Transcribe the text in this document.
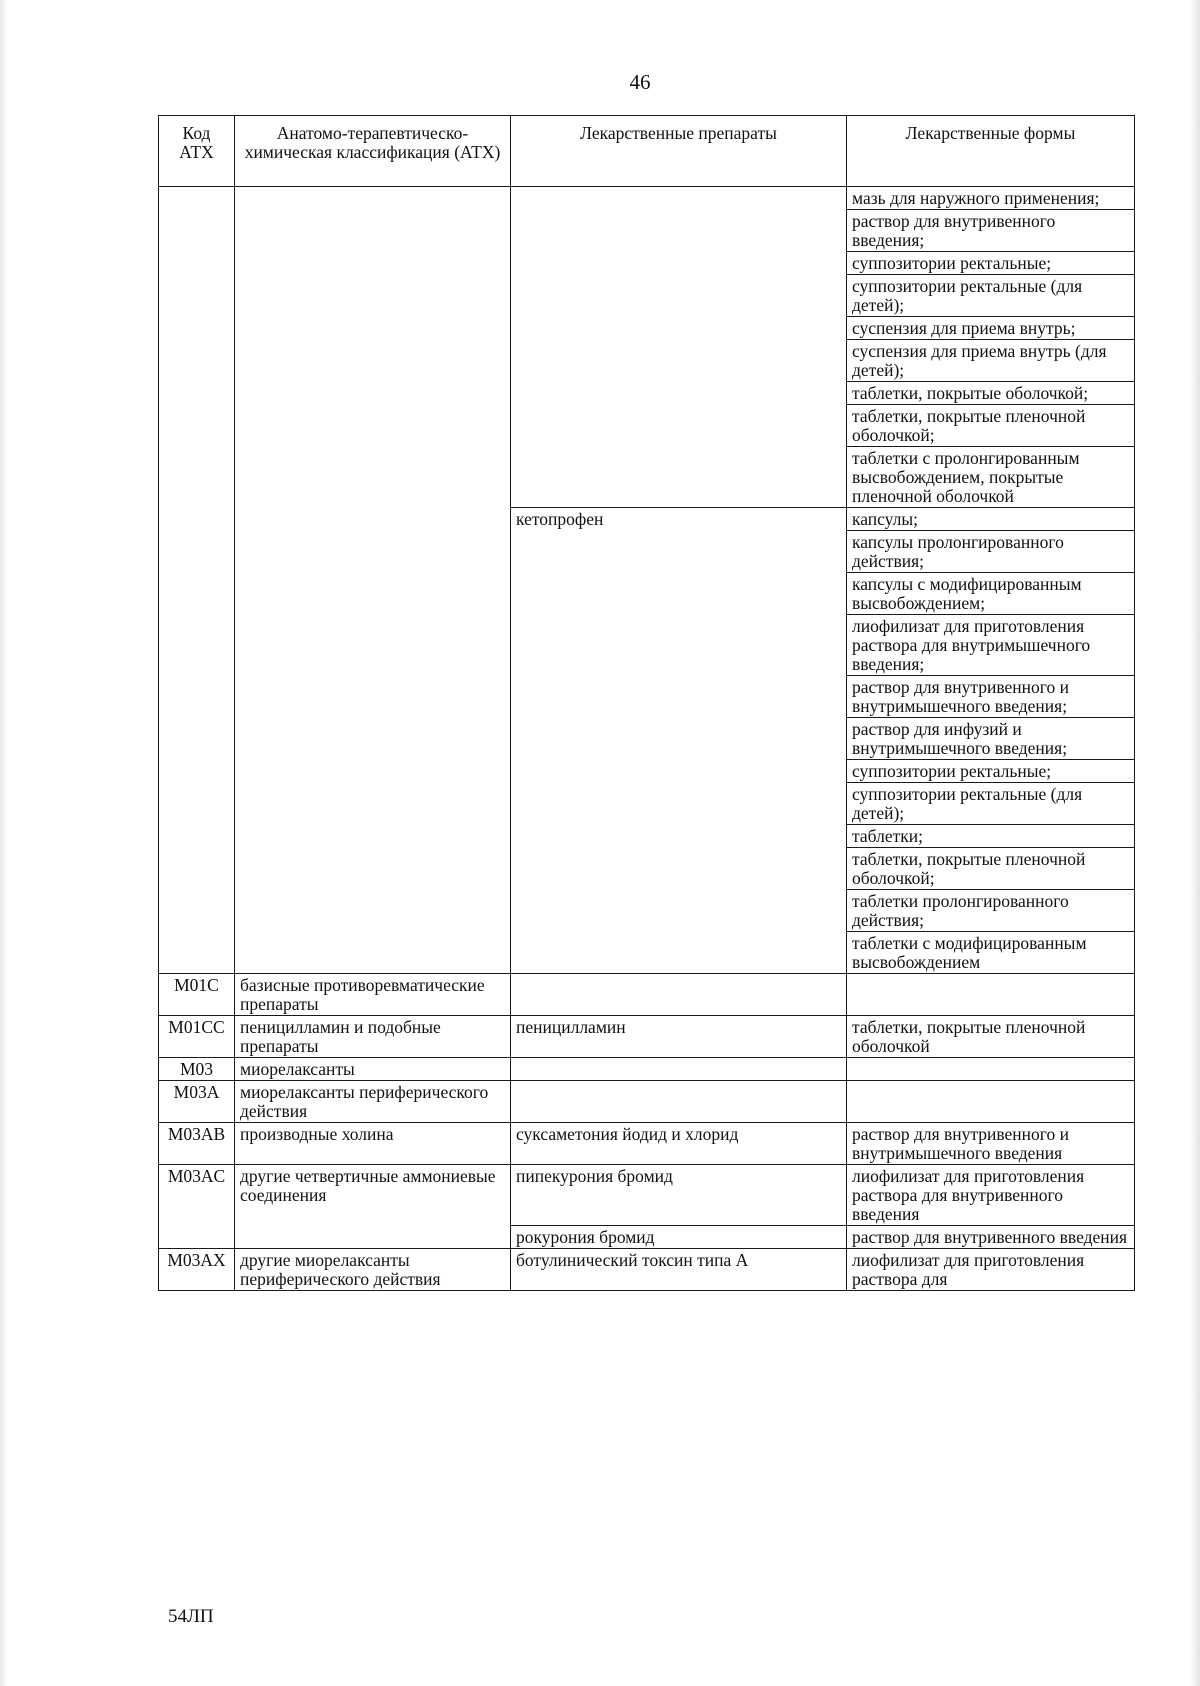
46
Код АТХ	Анатомо-терапевтическо-химическая классификация (АТХ)	Лекарственные препараты	Лекарственные формы
			мазь для наружного применения;
			раствор для внутривенного введения;
			суппозитории ректальные;
			суппозитории ректальные (для детей);
			суспензия для приема внутрь;
			суспензия для приема внутрь (для детей);
			таблетки, покрытые оболочкой;
			таблетки, покрытые пленочной оболочкой;
			таблетки с пролонгированным высвобождением, покрытые пленочной оболочкой
		кетопрофен	капсулы;
			капсулы пролонгированного действия;
			капсулы с модифицированным высвобождением;
			лиофилизат для приготовления раствора для внутримышечного введения;
			раствор для внутривенного и внутримышечного введения;
			раствор для инфузий и внутримышечного введения;
			суппозитории ректальные;
			суппозитории ректальные (для детей);
			таблетки;
			таблетки, покрытые пленочной оболочкой;
			таблетки пролонгированного действия;
			таблетки с модифицированным высвобождением
M01C	базисные противоревматические препараты		
M01CC	пеницилламин и подобные препараты	пеницилламин	таблетки, покрытые пленочной оболочкой
M03	миорелаксанты		
M03A	миорелаксанты периферического действия		
M03AB	производные холина	суксаметония йодид и хлорид	раствор для внутривенного и внутримышечного введения
M03AC	другие четвертичные аммониевые соединения	пипекурония бромид	лиофилизат для приготовления раствора для внутривенного введения
		рокурония бромид	раствор для внутривенного введения
M03AX	другие миорелаксанты периферического действия	ботулинический токсин типа А	лиофилизат для приготовления раствора для
54ЛП
